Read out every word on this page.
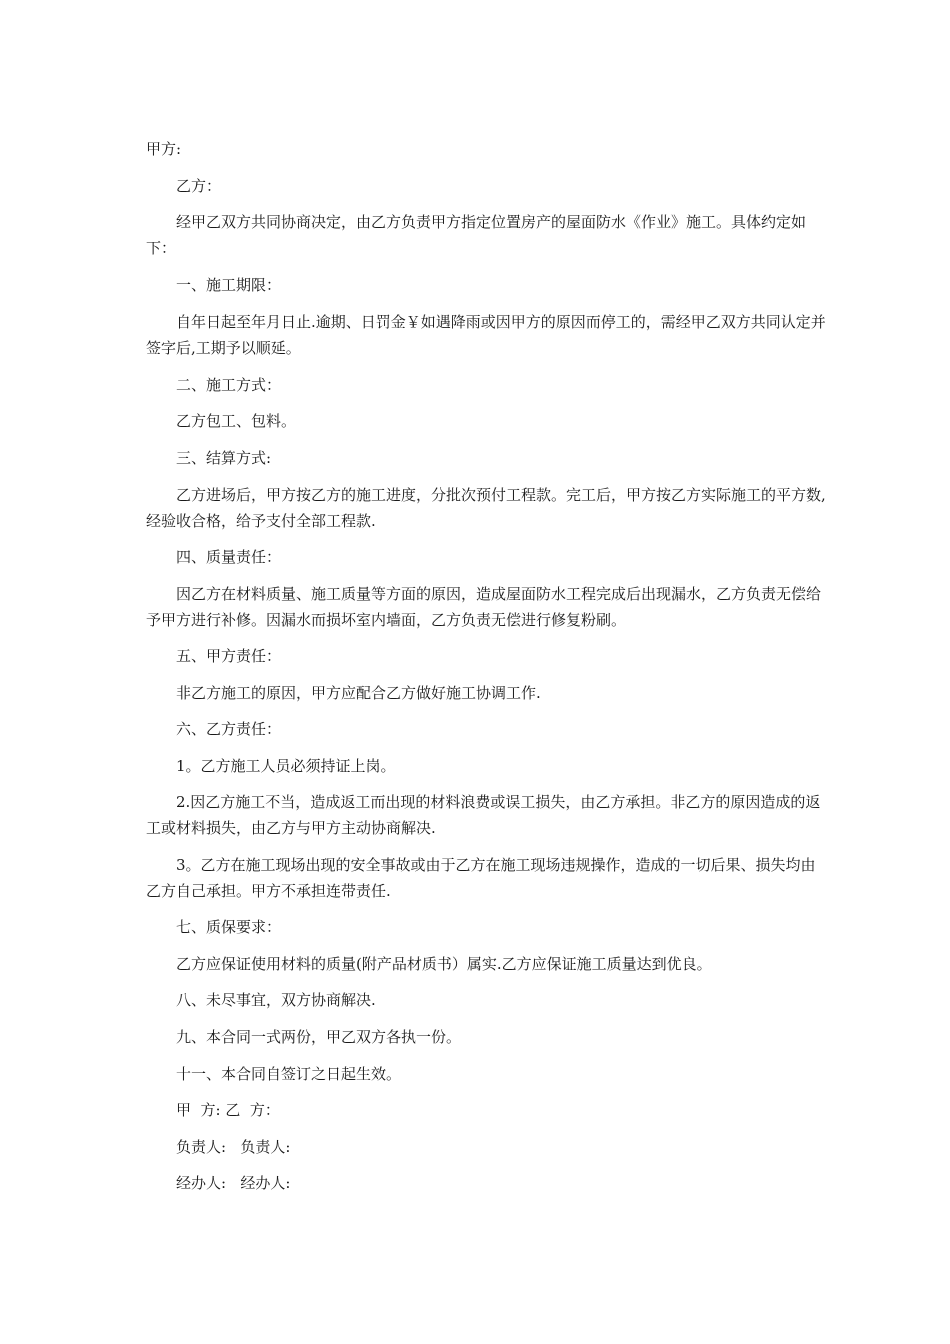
甲方:

　　乙方：

　　经甲乙双方共同协商决定，由乙方负责甲方指定位置房产的屋面防水《作业》施工。具体约定如下：

　　一、施工期限：

　　自年日起至年月日止.逾期、日罚金￥如遇降雨或因甲方的原因而停工的，需经甲乙双方共同认定并签字后,工期予以顺延。

　　二、施工方式：

　　乙方包工、包料。

　　三、结算方式:

　　乙方进场后，甲方按乙方的施工进度，分批次预付工程款。完工后，甲方按乙方实际施工的平方数,经验收合格，给予支付全部工程款.

　　四、质量责任：

　　因乙方在材料质量、施工质量等方面的原因，造成屋面防水工程完成后出现漏水，乙方负责无偿给予甲方进行补修。因漏水而损坏室内墙面，乙方负责无偿进行修复粉刷。

　　五、甲方责任：

　　非乙方施工的原因，甲方应配合乙方做好施工协调工作.

　　六、乙方责任：

　　1。乙方施工人员必须持证上岗。

　　2.因乙方施工不当，造成返工而出现的材料浪费或误工损失，由乙方承担。非乙方的原因造成的返工或材料损失，由乙方与甲方主动协商解决.

　　3。乙方在施工现场出现的安全事故或由于乙方在施工现场违规操作，造成的一切后果、损失均由乙方自己承担。甲方不承担连带责任.

　　七、质保要求：

　　乙方应保证使用材料的质量(附产品材质书）属实.乙方应保证施工质量达到优良。

　　八、未尽事宜，双方协商解决.

　　九、本合同一式两份，甲乙双方各执一份。

　　十一、本合同自签订之日起生效。

　　甲  方: 乙  方：

　　负责人:   负责人:

　　经办人:   经办人:
